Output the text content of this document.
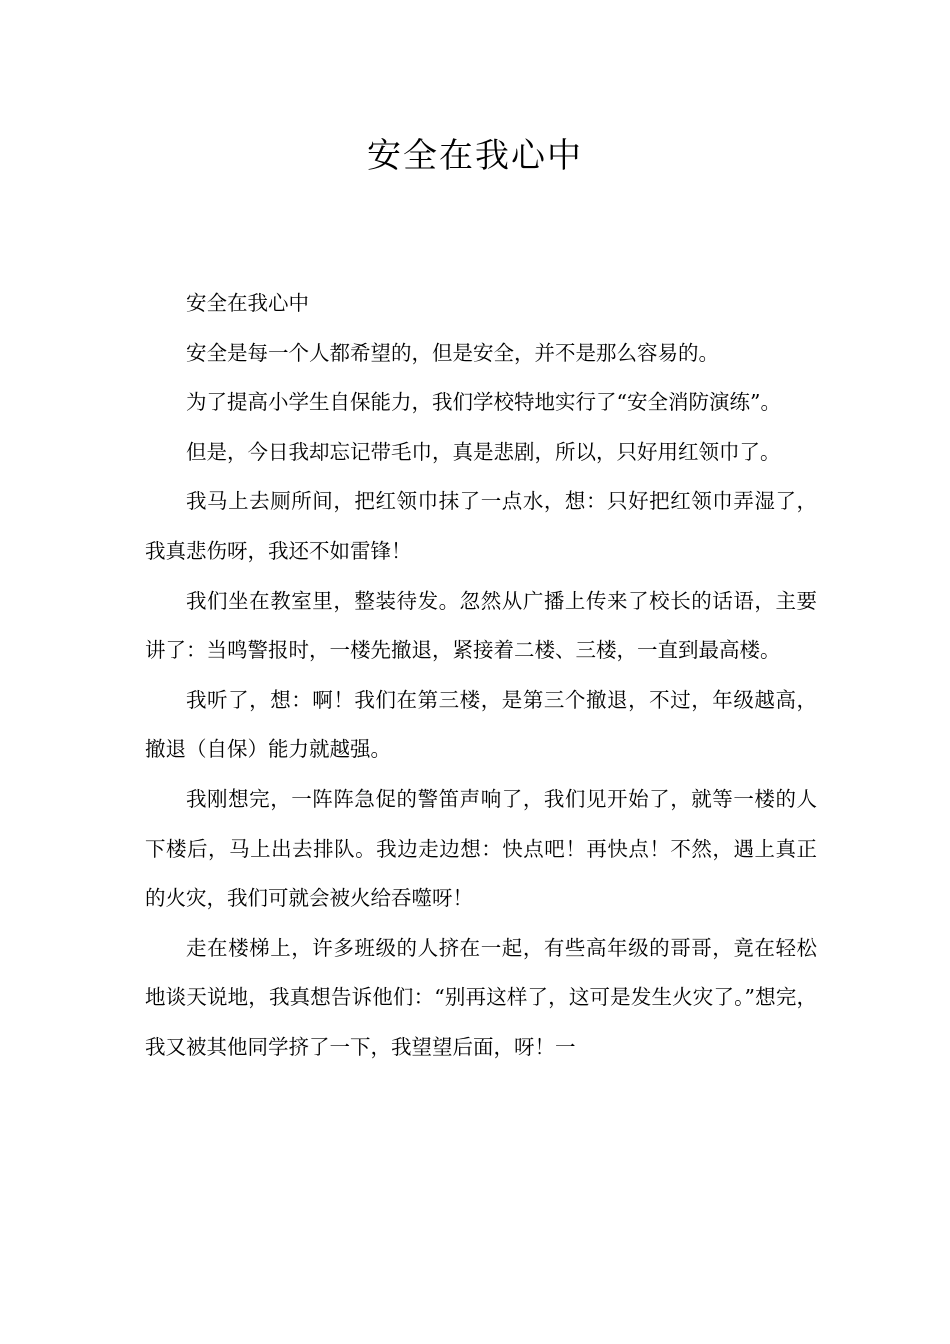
安全在我心中

安全在我心中

安全是每一个人都希望的，但是安全，并不是那么容易的。

为了提高小学生自保能力，我们学校特地实行了“安全消防演练”。

但是，今日我却忘记带毛巾，真是悲剧，所以，只好用红领巾了。

我马上去厕所间，把红领巾抹了一点水，想：只好把红领巾弄湿了，我真悲伤呀，我还不如雷锋！

我们坐在教室里，整装待发。忽然从广播上传来了校长的话语，主要讲了：当鸣警报时，一楼先撤退，紧接着二楼、三楼，一直到最高楼。

我听了，想：啊！我们在第三楼，是第三个撤退，不过，年级越高，撤退（自保）能力就越强。

我刚想完，一阵阵急促的警笛声响了，我们见开始了，就等一楼的人下楼后，马上出去排队。我边走边想：快点吧！再快点！不然，遇上真正的火灾，我们可就会被火给吞噬呀！

走在楼梯上，许多班级的人挤在一起，有些高年级的哥哥，竟在轻松地谈天说地，我真想告诉他们：“别再这样了，这可是发生火灾了。”想完，我又被其他同学挤了一下，我望望后面，呀！一
